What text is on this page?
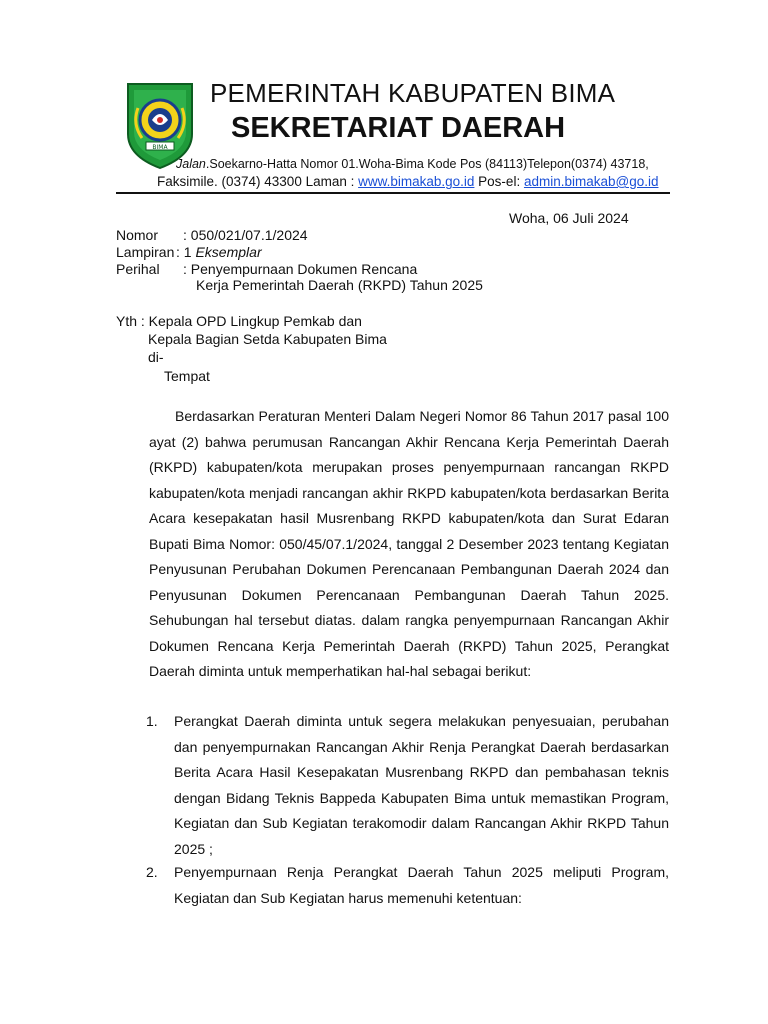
BIMA
PEMERINTAH KABUPATEN BIMA
SEKRETARIAT DAERAH
Jalan.Soekarno-Hatta Nomor 01.Woha-Bima Kode Pos (84113)Telepon(0374) 43718,
Faksimile. (0374) 43300 Laman : www.bimakab.go.id Pos-el: admin.bimakab@go.id
Woha, 06 Juli 2024
Nomor : 050/021/07.1/2024
Lampiran : 1 Eksemplar
Perihal : Penyempurnaan Dokumen Rencana
Kerja Pemerintah Daerah (RKPD) Tahun 2025
Yth : Kepala OPD Lingkup Pemkab dan
Kepala Bagian Setda Kabupaten Bima
di-
Tempat

Berdasarkan Peraturan Menteri Dalam Negeri Nomor 86 Tahun 2017 pasal 100 ayat (2) bahwa perumusan Rancangan Akhir Rencana Kerja Pemerintah Daerah (RKPD) kabupaten/kota merupakan proses penyempurnaan rancangan RKPD kabupaten/kota menjadi rancangan akhir RKPD kabupaten/kota berdasarkan Berita Acara kesepakatan hasil Musrenbang RKPD kabupaten/kota dan Surat Edaran Bupati Bima Nomor: 050/45/07.1/2024, tanggal 2 Desember 2023 tentang Kegiatan Penyusunan Perubahan Dokumen Perencanaan Pembangunan Daerah 2024 dan Penyusunan Dokumen Perencanaan Pembangunan Daerah Tahun 2025. Sehubungan hal tersebut diatas. dalam rangka penyempurnaan Rancangan Akhir Dokumen Rencana Kerja Pemerintah Daerah (RKPD) Tahun 2025, Perangkat Daerah diminta untuk memperhatikan hal-hal sebagai berikut:

1. Perangkat Daerah diminta untuk segera melakukan penyesuaian, perubahan dan penyempurnakan Rancangan Akhir Renja Perangkat Daerah berdasarkan Berita Acara Hasil Kesepakatan Musrenbang RKPD dan pembahasan teknis dengan Bidang Teknis Bappeda Kabupaten Bima untuk memastikan Program, Kegiatan dan Sub Kegiatan terakomodir dalam Rancangan Akhir RKPD Tahun 2025 ;

2. Penyempurnaan Renja Perangkat Daerah Tahun 2025 meliputi Program, Kegiatan dan Sub Kegiatan harus memenuhi ketentuan:
